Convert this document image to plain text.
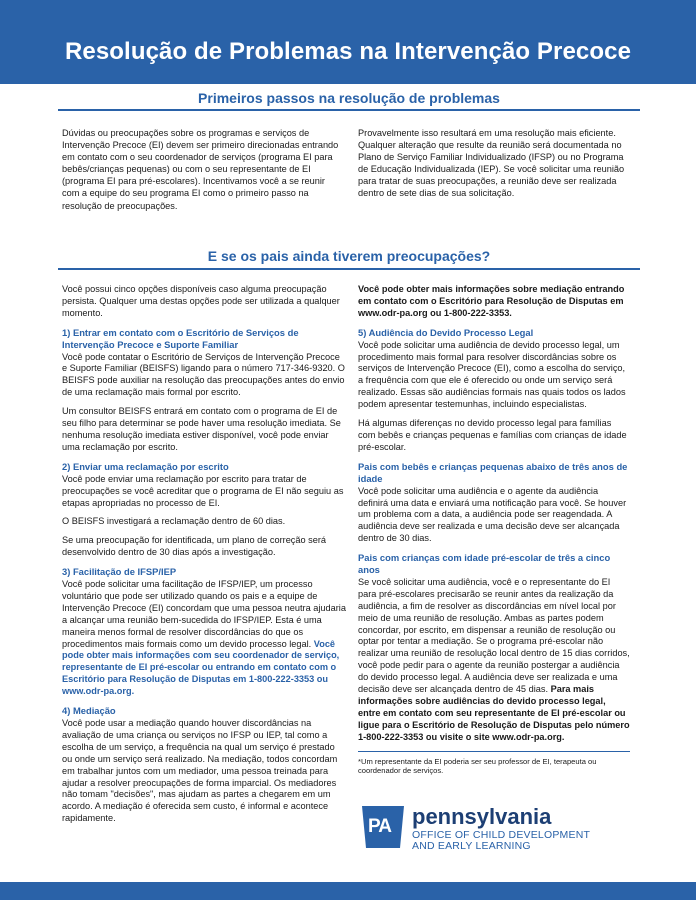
Resolução de Problemas na Intervenção Precoce
Primeiros passos na resolução de problemas
Dúvidas ou preocupações sobre os programas e serviços de Intervenção Precoce (EI) devem ser primeiro direcionadas entrando em contato com o seu coordenador de serviços (programa EI para bebês/crianças pequenas) ou com o seu representante de EI (programa EI para pré-escolares). Incentivamos você a se reunir com a equipe do seu programa EI como o primeiro passo na resolução de preocupações.
Provavelmente isso resultará em uma resolução mais eficiente. Qualquer alteração que resulte da reunião será documentada no Plano de Serviço Familiar Individualizado (IFSP) ou no Programa de Educação Individualizada (IEP). Se você solicitar uma reunião para tratar de suas preocupações, a reunião deve ser realizada dentro de sete dias de sua solicitação.
E se os pais ainda tiverem preocupações?

Você possui cinco opções disponíveis caso alguma preocupação persista. Qualquer uma destas opções pode ser utilizada a qualquer momento.

1) Entrar em contato com o Escritório de Serviços de Intervenção Precoce e Suporte Familiar

Você pode contatar o Escritório de Serviços de Intervenção Precoce e Suporte Familiar (BEISFS) ligando para o número 717-346-9320. O BEISFS pode auxiliar na resolução das preocupações antes do envio de uma reclamação mais formal por escrito.

Um consultor BEISFS entrará em contato com o programa de EI de seu filho para determinar se pode haver uma resolução imediata. Se nenhuma resolução imediata estiver disponível, você pode enviar uma reclamação por escrito.

2) Enviar uma reclamação por escrito

Você pode enviar uma reclamação por escrito para tratar de preocupações se você acreditar que o programa de EI não seguiu as etapas apropriadas no processo de EI.

O BEISFS investigará a reclamação dentro de 60 dias.

Se uma preocupação for identificada, um plano de correção será desenvolvido dentro de 30 dias após a investigação.

3) Facilitação de IFSP/IEP

Você pode solicitar uma facilitação de IFSP/IEP, um processo voluntário que pode ser utilizado quando os pais e a equipe de Intervenção Precoce (EI) concordam que uma pessoa neutra ajudaria a alcançar uma reunião bem-sucedida do IFSP/IEP. Esta é uma maneira menos formal de resolver discordâncias do que os procedimentos mais formais como um devido processo legal. Você pode obter mais informações com seu coordenador de serviço, representante de EI pré-escolar ou entrando em contato com o Escritório para Resolução de Disputas em 1-800-222-3353 ou www.odr-pa.org.

4) Mediação

Você pode usar a mediação quando houver discordâncias na avaliação de uma criança ou serviços no IFSP ou IEP, tal como a escolha de um serviço, a frequência na qual um serviço é prestado ou onde um serviço será realizado. Na mediação, todos concordam em trabalhar juntos com um mediador, uma pessoa treinada para ajudar a resolver preocupações de forma imparcial. Os mediadores não tomam "decisões", mas ajudam as partes a chegarem em um acordo. A mediação é oferecida sem custo, é informal e acontece rapidamente.

Você pode obter mais informações sobre mediação entrando em contato com o Escritório para Resolução de Disputas em www.odr-pa.org ou 1-800-222-3353.

5) Audiência do Devido Processo Legal

Você pode solicitar uma audiência de devido processo legal, um procedimento mais formal para resolver discordâncias sobre os serviços de Intervenção Precoce (EI), como a escolha do serviço, a frequência com que ele é oferecido ou onde um serviço será realizado. Essas são audiências formais nas quais todos os lados podem apresentar testemunhas, incluindo especialistas.

Há algumas diferenças no devido processo legal para famílias com bebês e crianças pequenas e famílias com crianças de idade pré-escolar.

Pais com bebês e crianças pequenas abaixo de três anos de idade

Você pode solicitar uma audiência e o agente da audiência definirá uma data e enviará uma notificação para você. Se houver um problema com a data, a audiência pode ser reagendada. A audiência deve ser realizada e uma decisão deve ser alcançada dentro de 30 dias.

Pais com crianças com idade pré-escolar de três a cinco anos

Se você solicitar uma audiência, você e o representante do EI para pré-escolares precisarão se reunir antes da realização da audiência, a fim de resolver as discordâncias em nível local por meio de uma reunião de resolução. Ambas as partes podem concordar, por escrito, em dispensar a reunião de resolução ou optar por tentar a mediação. Se o programa pré-escolar não realizar uma reunião de resolução local dentro de 15 dias corridos, você pode pedir para o agente da reunião postergar a audiência do devido processo legal. A audiência deve ser realizada e uma decisão deve ser alcançada dentro de 45 dias. Para mais informações sobre audiências do devido processo legal, entre em contato com seu representante de EI pré-escolar ou ligue para o Escritório de Resolução de Disputas pelo número 1-800-222-3353 ou visite o site www.odr-pa.org.

*Um representante da EI poderia ser seu professor de EI, terapeuta ou coordenador de serviços.
PA pennsylvania
OFFICE OF CHILD DEVELOPMENT
AND EARLY LEARNING
